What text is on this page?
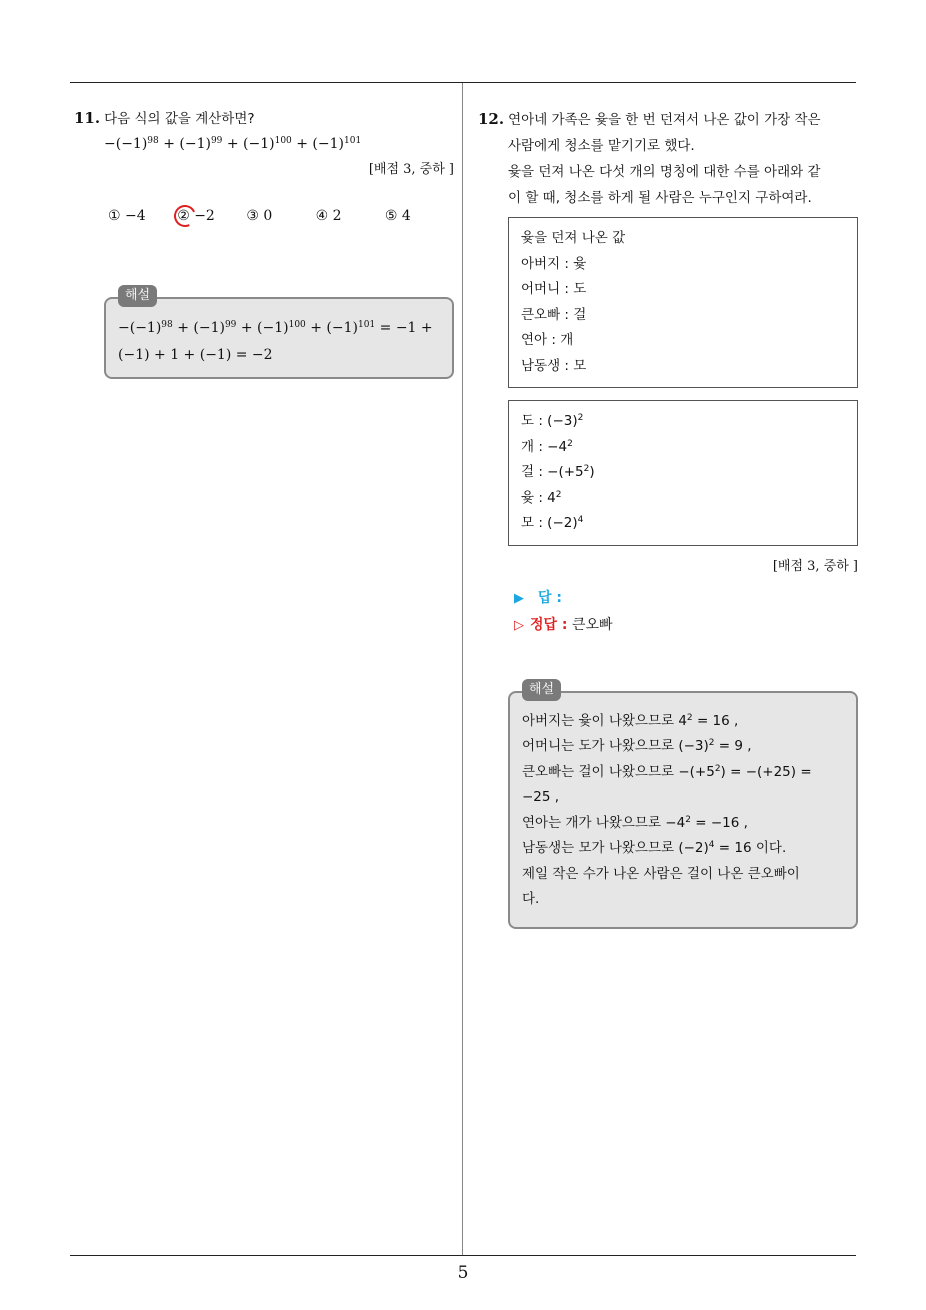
5
11. 다음 식의 값을 계산하면?
$-(-1)^{98} + (-1)^{99} + (-1)^{100} + (-1)^{101}$
[배점 3, 중하 ]
① −4	② −2	③ 0	④ 2	⑤ 4
해설
$-(-1)^{98} + (-1)^{99} + (-1)^{100} + (-1)^{101} = -1$ +
(−1) + 1 + (−1) = −2
12. 연아네 가족은 윷을 한 번 던져서 나온 값이 가장 작은
사람에게 청소를 맡기기로 했다.
윷을 던져 나온 다섯 개의 명칭에 대한 수를 아래와 같
이 할 때, 청소를 하게 될 사람은 누구인지 구하여라.
윷을 던져 나온 값
아버지 : 윷
어머니 : 도
큰오빠 : 걸
연아 : 개
남동생 : 모
도 : $(-3)^2$
개 : $-4^2$
걸 : $-(+5^2)$
윷 : $4^2$
모 : $(-2)^4$
[배점 3, 중하 ]
▶ 답 :
▷ 정답 : 큰오빠
해설
아버지는 윷이 나왔으므로 $4^2 = 16$ ,
어머니는 도가 나왔으므로 $(-3)^2 = 9$ ,
큰오빠는 걸이 나왔으므로 $-(+5^2) = -(+25)$ =
−25 ,
연아는 개가 나왔으므로 $-4^2 = -16$ ,
남동생는 모가 나왔으므로 $(-2)^4 = 16$ 이다.
제일 작은 수가 나온 사람은 걸이 나온 큰오빠이
다.
